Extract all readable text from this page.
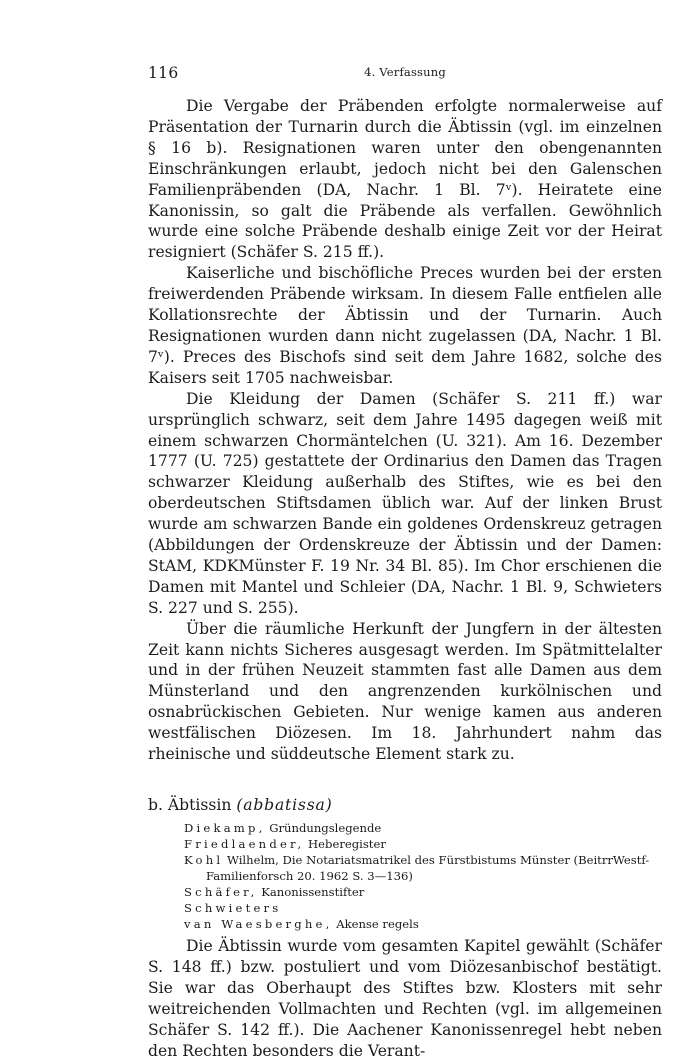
116	4. Verfassung

Die Vergabe der Präbenden erfolgte normalerweise auf Präsentation der Turnarin durch die Äbtissin (vgl. im einzelnen § 16 b). Resignationen waren unter den obengenannten Einschränkungen erlaubt, jedoch nicht bei den Galenschen Familienpräbenden (DA, Nachr. 1 Bl. 7ᵛ). Heiratete eine Kanonissin, so galt die Präbende als verfallen. Gewöhnlich wurde eine solche Präbende deshalb einige Zeit vor der Heirat resigniert (Schäfer S. 215 ff.).

Kaiserliche und bischöfliche Preces wurden bei der ersten freiwerdenden Präbende wirksam. In diesem Falle entfielen alle Kollationsrechte der Äbtissin und der Turnarin. Auch Resignationen wurden dann nicht zugelassen (DA, Nachr. 1 Bl. 7ᵛ). Preces des Bischofs sind seit dem Jahre 1682, solche des Kaisers seit 1705 nachweisbar.

Die Kleidung der Damen (Schäfer S. 211 ff.) war ursprünglich schwarz, seit dem Jahre 1495 dagegen weiß mit einem schwarzen Chormäntelchen (U. 321). Am 16. Dezember 1777 (U. 725) gestattete der Ordinarius den Damen das Tragen schwarzer Kleidung außerhalb des Stiftes, wie es bei den oberdeutschen Stiftsdamen üblich war. Auf der linken Brust wurde am schwarzen Bande ein goldenes Ordenskreuz getragen (Abbildungen der Ordenskreuze der Äbtissin und der Damen: StAM, KDKMünster F. 19 Nr. 34 Bl. 85). Im Chor erschienen die Damen mit Mantel und Schleier (DA, Nachr. 1 Bl. 9, Schwieters S. 227 und S. 255).

Über die räumliche Herkunft der Jungfern in der ältesten Zeit kann nichts Sicheres ausgesagt werden. Im Spätmittelalter und in der frühen Neuzeit stammten fast alle Damen aus dem Münsterland und den angrenzenden kurkölnischen und osnabrückischen Gebieten. Nur wenige kamen aus anderen westfälischen Diözesen. Im 18. Jahrhundert nahm das rheinische und süddeutsche Element stark zu.

b. Äbtissin (abbatissa)
Diekamp, Gründungslegende
Friedlaender, Heberegister
Kohl Wilhelm, Die Notariatsmatrikel des Fürstbistums Münster (BeitrrWestf-Familienforsch 20. 1962 S. 3—136)
Schäfer, Kanonissenstifter
Schwieters
van Waesberghe, Akense regels

Die Äbtissin wurde vom gesamten Kapitel gewählt (Schäfer S. 148 ff.) bzw. postuliert und vom Diözesanbischof bestätigt. Sie war das Oberhaupt des Stiftes bzw. Klosters mit sehr weitreichenden Vollmachten und Rechten (vgl. im allgemeinen Schäfer S. 142 ff.). Die Aachener Kanonissenregel hebt neben den Rechten besonders die Verant-
